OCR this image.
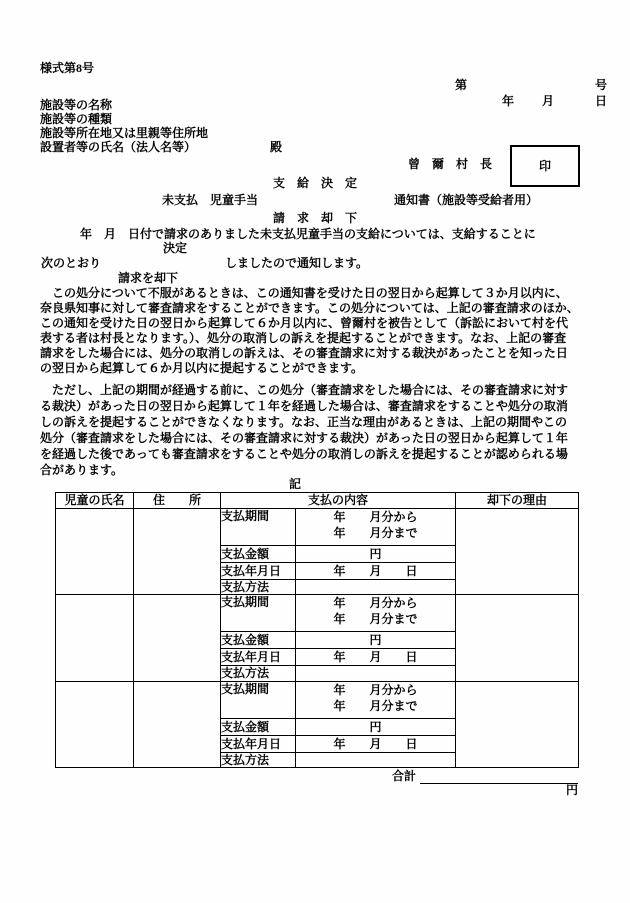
様式第8号
第	号
年 月	日
施設等の名称
施設等の種類
施設等所在地又は里親等住所地
設置者等の氏名（法人名等）	殿
曾　爾　村　長	印
支　給　決　定
未支払　児童手当	通知書（施設等受給者用）
請　求　却　下
年　月　日付で請求のありました未支払児童手当の支給については、支給することに
決定
次のとおり	しましたので通知します。
請求を却下
　この処分について不服があるときは、この通知書を受けた日の翌日から起算して３か月以内に、
奈良県知事に対して審査請求をすることができます。この処分については、上記の審査請求のほか、
この通知を受けた日の翌日から起算して６か月以内に、曾爾村を被告として（訴訟において村を代
表する者は村長となります。）、処分の取消しの訴えを提起することができます。なお、上記の審査
請求をした場合には、処分の取消しの訴えは、その審査請求に対する裁決があったことを知った日
の翌日から起算して６か月以内に提起することができます。
　ただし、上記の期間が経過する前に、この処分（審査請求をした場合には、その審査請求に対す
る裁決）があった日の翌日から起算して１年を経過した場合は、審査請求をすることや処分の取消
しの訴えを提起することができなくなります。なお、正当な理由があるときは、上記の期間やこの
処分（審査請求をした場合には、その審査請求に対する裁決）があった日の翌日から起算して１年
を経過した後であっても審査請求をすることや処分の取消しの訴えを提起することが認められる場
合があります。
記
児童の氏名	住　　所	支払の内容		却下の理由
		支払期間	年　　月分から
年　　月分まで	

		支払金額	円	
		支払年月日	年　　月　　日	
		支払方法		
		支払期間	年　　月分から
年　　月分まで	

		支払金額	円	
		支払年月日	年　　月　　日	
		支払方法		
		支払期間	年　　月分から
年　　月分まで	

		支払金額	円	
		支払年月日	年　　月　　日	
		支払方法		
合計

円
